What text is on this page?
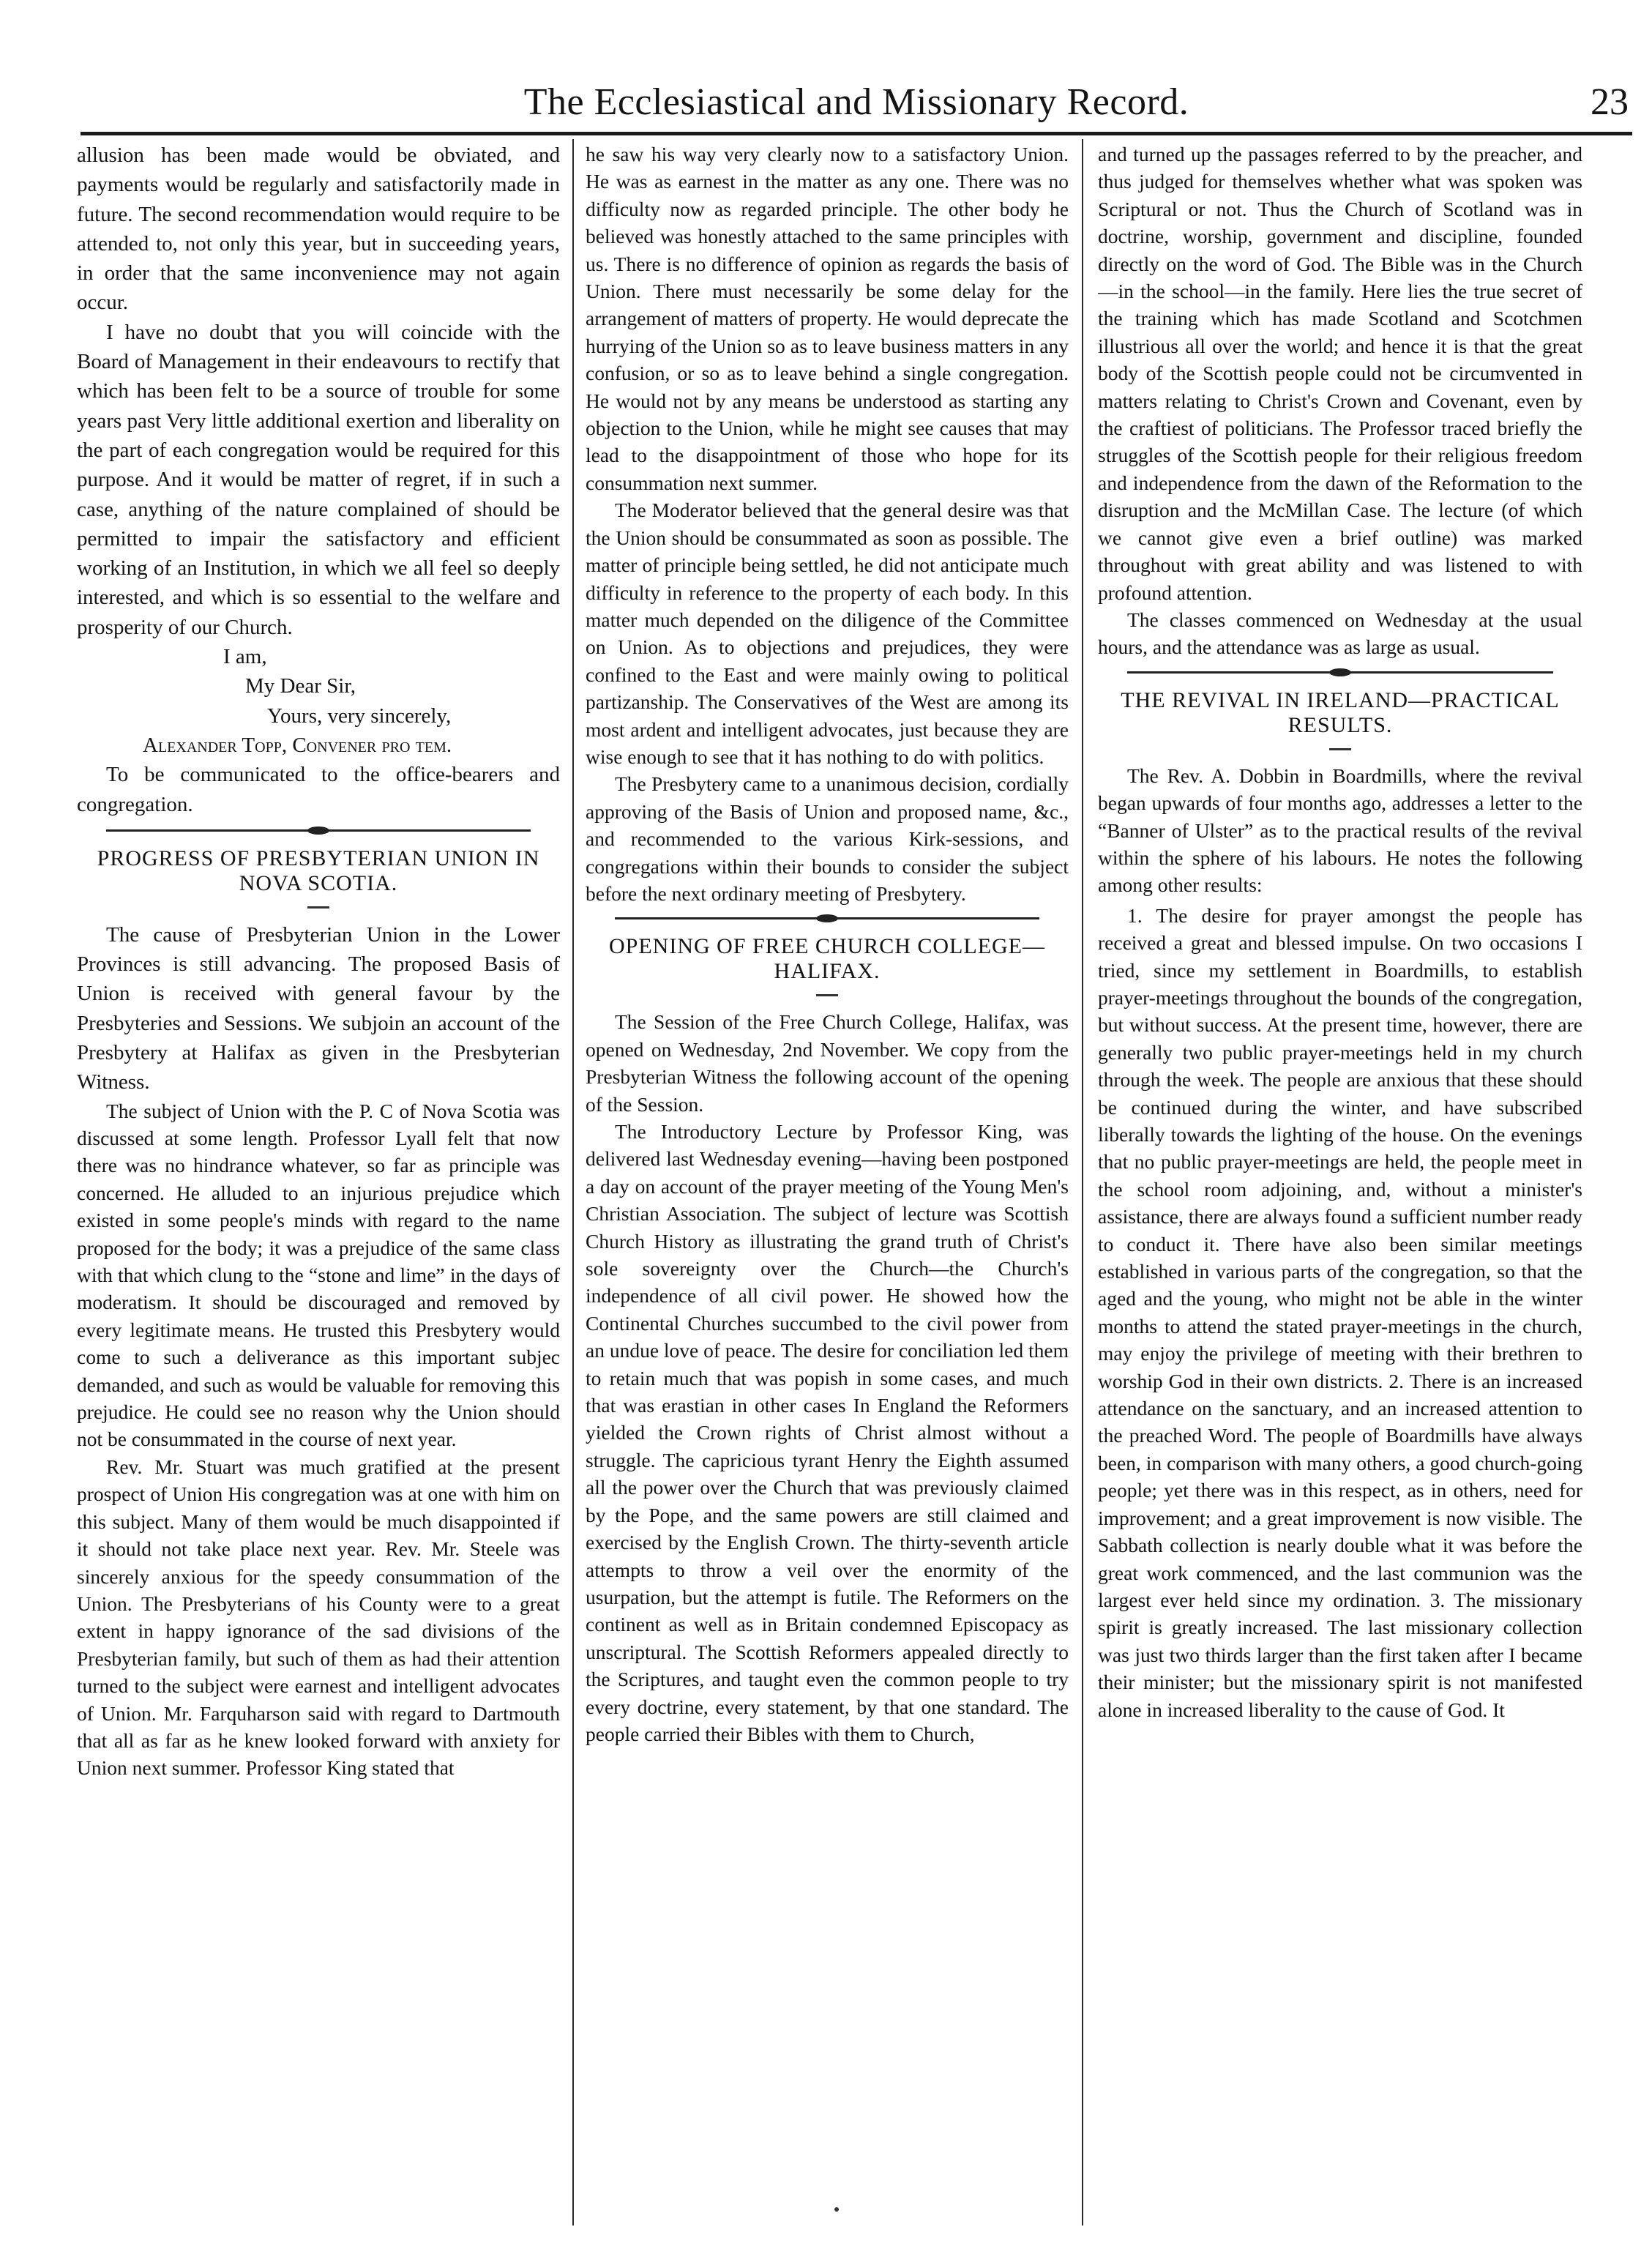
The Ecclesiastical and Missionary Record.	23

allusion has been made would be obviated, and payments would be regularly and satisfactorily made in future. The second recommendation would require to be attended to, not only this year, but in succeeding years, in order that the same inconvenience may not again occur.

I have no doubt that you will coincide with the Board of Management in their endeavours to rectify that which has been felt to be a source of trouble for some years past Very little additional exertion and liberality on the part of each congregation would be required for this purpose. And it would be matter of regret, if in such a case, anything of the nature complained of should be permitted to impair the satisfactory and efficient working of an Institution, in which we all feel so deeply interested, and which is so essential to the welfare and prosperity of our Church.

I am,
My Dear Sir,
Yours, very sincerely,
Alexander Topp, Convener pro tem.

To be communicated to the office-bearers and congregation.

PROGRESS OF PRESBYTERIAN UNION IN NOVA SCOTIA.

The cause of Presbyterian Union in the Lower Provinces is still advancing. The proposed Basis of Union is received with general favour by the Presbyteries and Sessions. We subjoin an account of the Presbytery at Halifax as given in the Presbyterian Witness.

The subject of Union with the P. C of Nova Scotia was discussed at some length. Professor Lyall felt that now there was no hindrance whatever, so far as principle was concerned. He alluded to an injurious prejudice which existed in some people's minds with regard to the name proposed for the body; it was a prejudice of the same class with that which clung to the “stone and lime” in the days of moderatism. It should be discouraged and removed by every legitimate means. He trusted this Presbytery would come to such a deliverance as this important subjec demanded, and such as would be valuable for removing this prejudice. He could see no reason why the Union should not be consummated in the course of next year.

Rev. Mr. Stuart was much gratified at the present prospect of Union His congregation was at one with him on this subject. Many of them would be much disappointed if it should not take place next year. Rev. Mr. Steele was sincerely anxious for the speedy consummation of the Union. The Presbyterians of his County were to a great extent in happy ignorance of the sad divisions of the Presbyterian family, but such of them as had their attention turned to the subject were earnest and intelligent advocates of Union. Mr. Farquharson said with regard to Dartmouth that all as far as he knew looked forward with anxiety for Union next summer. Professor King stated that

he saw his way very clearly now to a satisfactory Union. He was as earnest in the matter as any one. There was no difficulty now as regarded principle. The other body he believed was honestly attached to the same principles with us. There is no difference of opinion as regards the basis of Union. There must necessarily be some delay for the arrangement of matters of property. He would deprecate the hurrying of the Union so as to leave business matters in any confusion, or so as to leave behind a single congregation. He would not by any means be understood as starting any objection to the Union, while he might see causes that may lead to the disappointment of those who hope for its consummation next summer.

The Moderator believed that the general desire was that the Union should be consummated as soon as possible. The matter of principle being settled, he did not anticipate much difficulty in reference to the property of each body. In this matter much depended on the diligence of the Committee on Union. As to objections and prejudices, they were confined to the East and were mainly owing to political partizanship. The Conservatives of the West are among its most ardent and intelligent advocates, just because they are wise enough to see that it has nothing to do with politics.

The Presbytery came to a unanimous decision, cordially approving of the Basis of Union and proposed name, &c., and recommended to the various Kirk-sessions, and congregations within their bounds to consider the subject before the next ordinary meeting of Presbytery.

OPENING OF FREE CHURCH COLLEGE—HALIFAX.

The Session of the Free Church College, Halifax, was opened on Wednesday, 2nd November. We copy from the Presbyterian Witness the following account of the opening of the Session.

The Introductory Lecture by Professor King, was delivered last Wednesday evening—having been postponed a day on account of the prayer meeting of the Young Men's Christian Association. The subject of lecture was Scottish Church History as illustrating the grand truth of Christ's sole sovereignty over the Church—the Church's independence of all civil power. He showed how the Continental Churches succumbed to the civil power from an undue love of peace. The desire for conciliation led them to retain much that was popish in some cases, and much that was erastian in other cases In England the Reformers yielded the Crown rights of Christ almost without a struggle. The capricious tyrant Henry the Eighth assumed all the power over the Church that was previously claimed by the Pope, and the same powers are still claimed and exercised by the English Crown. The thirty-seventh article attempts to throw a veil over the enormity of the usurpation, but the attempt is futile. The Reformers on the continent as well as in Britain condemned Episcopacy as unscriptural. The Scottish Reformers appealed directly to the Scriptures, and taught even the common people to try every doctrine, every statement, by that one standard. The people carried their Bibles with them to Church,

and turned up the passages referred to by the preacher, and thus judged for themselves whether what was spoken was Scriptural or not. Thus the Church of Scotland was in doctrine, worship, government and discipline, founded directly on the word of God. The Bible was in the Church—in the school—in the family. Here lies the true secret of the training which has made Scotland and Scotchmen illustrious all over the world; and hence it is that the great body of the Scottish people could not be circumvented in matters relating to Christ's Crown and Covenant, even by the craftiest of politicians. The Professor traced briefly the struggles of the Scottish people for their religious freedom and independence from the dawn of the Reformation to the disruption and the McMillan Case. The lecture (of which we cannot give even a brief outline) was marked throughout with great ability and was listened to with profound attention.

The classes commenced on Wednesday at the usual hours, and the attendance was as large as usual.

THE REVIVAL IN IRELAND—PRACTICAL RESULTS.

The Rev. A. Dobbin in Boardmills, where the revival began upwards of four months ago, addresses a letter to the “Banner of Ulster” as to the practical results of the revival within the sphere of his labours. He notes the following among other results:

1. The desire for prayer amongst the people has received a great and blessed impulse. On two occasions I tried, since my settlement in Boardmills, to establish prayer-meetings throughout the bounds of the congregation, but without success. At the present time, however, there are generally two public prayer-meetings held in my church through the week. The people are anxious that these should be continued during the winter, and have subscribed liberally towards the lighting of the house. On the evenings that no public prayer-meetings are held, the people meet in the school room adjoining, and, without a minister's assistance, there are always found a sufficient number ready to conduct it. There have also been similar meetings established in various parts of the congregation, so that the aged and the young, who might not be able in the winter months to attend the stated prayer-meetings in the church, may enjoy the privilege of meeting with their brethren to worship God in their own districts. 2. There is an increased attendance on the sanctuary, and an increased attention to the preached Word. The people of Boardmills have always been, in comparison with many others, a good church-going people; yet there was in this respect, as in others, need for improvement; and a great improvement is now visible. The Sabbath collection is nearly double what it was before the great work commenced, and the last communion was the largest ever held since my ordination. 3. The missionary spirit is greatly increased. The last missionary collection was just two thirds larger than the first taken after I became their minister; but the missionary spirit is not manifested alone in increased liberality to the cause of God. It
